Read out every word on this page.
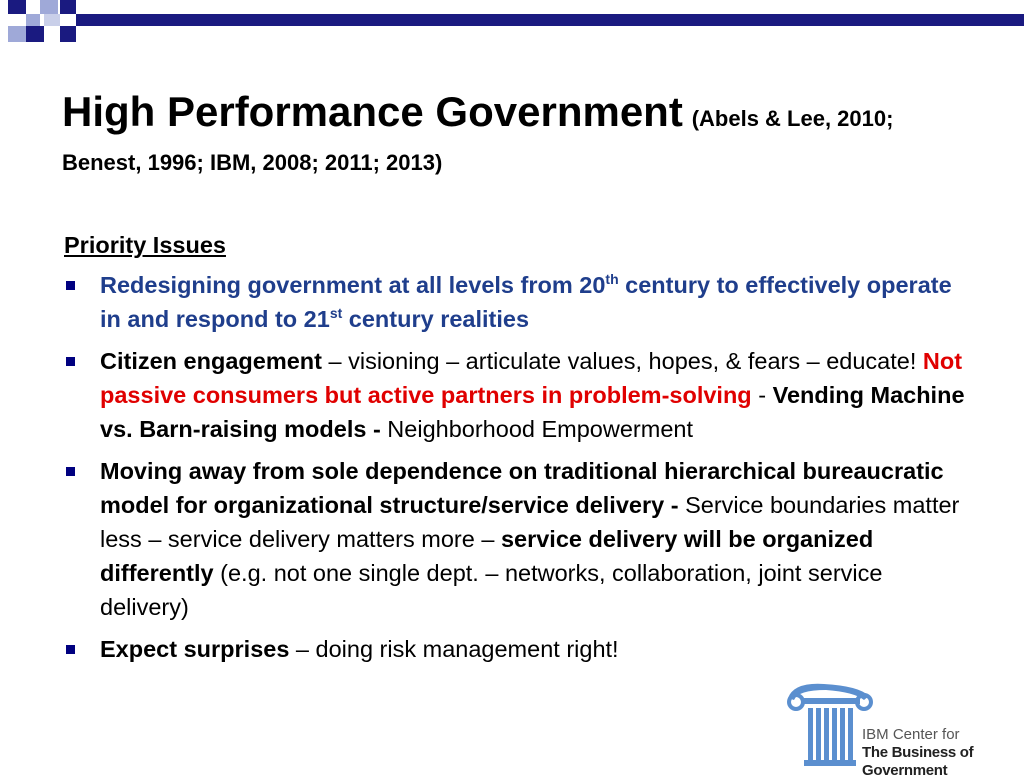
High Performance Government (Abels & Lee, 2010; Benest, 1996; IBM, 2008; 2011; 2013)
Priority Issues
Redesigning government at all levels from 20th century to effectively operate in and respond to 21st century realities
Citizen engagement – visioning – articulate values, hopes, & fears – educate! Not passive consumers but active partners in problem-solving - Vending Machine vs. Barn-raising models - Neighborhood Empowerment
Moving away from sole dependence on traditional hierarchical bureaucratic model for organizational structure/service delivery - Service boundaries matter less – service delivery matters more – service delivery will be organized differently (e.g. not one single dept. – networks, collaboration, joint service delivery)
Expect surprises – doing risk management right!
IBM Center for
The Business of Government
